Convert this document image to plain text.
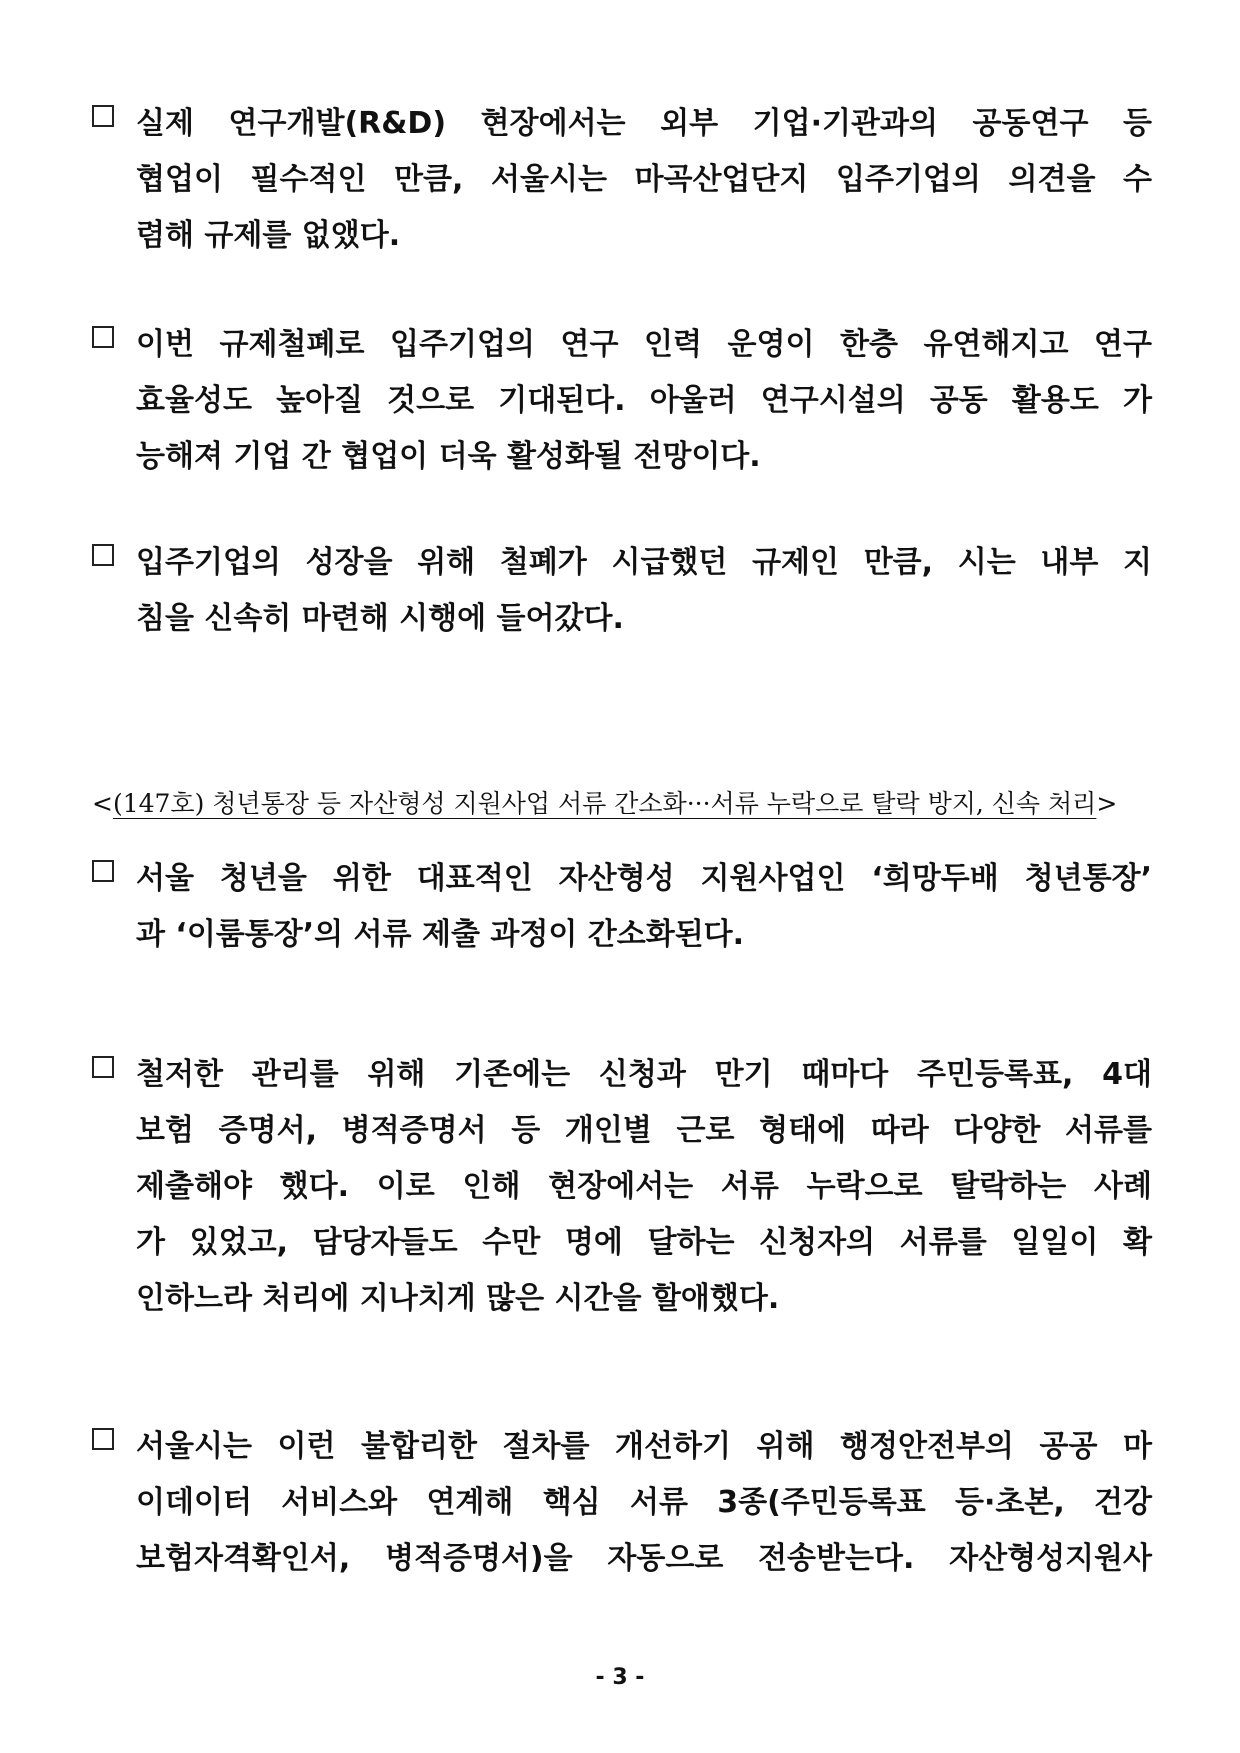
실제 연구개발(R&D) 현장에서는 외부 기업·기관과의 공동연구 등
협업이 필수적인 만큼, 서울시는 마곡산업단지 입주기업의 의견을 수
렴해 규제를 없앴다.
이번 규제철폐로 입주기업의 연구 인력 운영이 한층 유연해지고 연구
효율성도 높아질 것으로 기대된다. 아울러 연구시설의 공동 활용도 가
능해져 기업 간 협업이 더욱 활성화될 전망이다.
입주기업의 성장을 위해 철폐가 시급했던 규제인 만큼, 시는 내부 지
침을 신속히 마련해 시행에 들어갔다.
<(147호) 청년통장 등 자산형성 지원사업 서류 간소화···서류 누락으로 탈락 방지, 신속 처리>
서울 청년을 위한 대표적인 자산형성 지원사업인 ‘희망두배 청년통장’
과 ‘이룸통장’의 서류 제출 과정이 간소화된다.
철저한 관리를 위해 기존에는 신청과 만기 때마다 주민등록표, 4대
보험 증명서, 병적증명서 등 개인별 근로 형태에 따라 다양한 서류를
제출해야 했다. 이로 인해 현장에서는 서류 누락으로 탈락하는 사례
가 있었고, 담당자들도 수만 명에 달하는 신청자의 서류를 일일이 확
인하느라 처리에 지나치게 많은 시간을 할애했다.
서울시는 이런 불합리한 절차를 개선하기 위해 행정안전부의 공공 마
이데이터 서비스와 연계해 핵심 서류 3종(주민등록표 등·초본, 건강
보험자격확인서, 병적증명서)을 자동으로 전송받는다. 자산형성지원사
- 3 -
